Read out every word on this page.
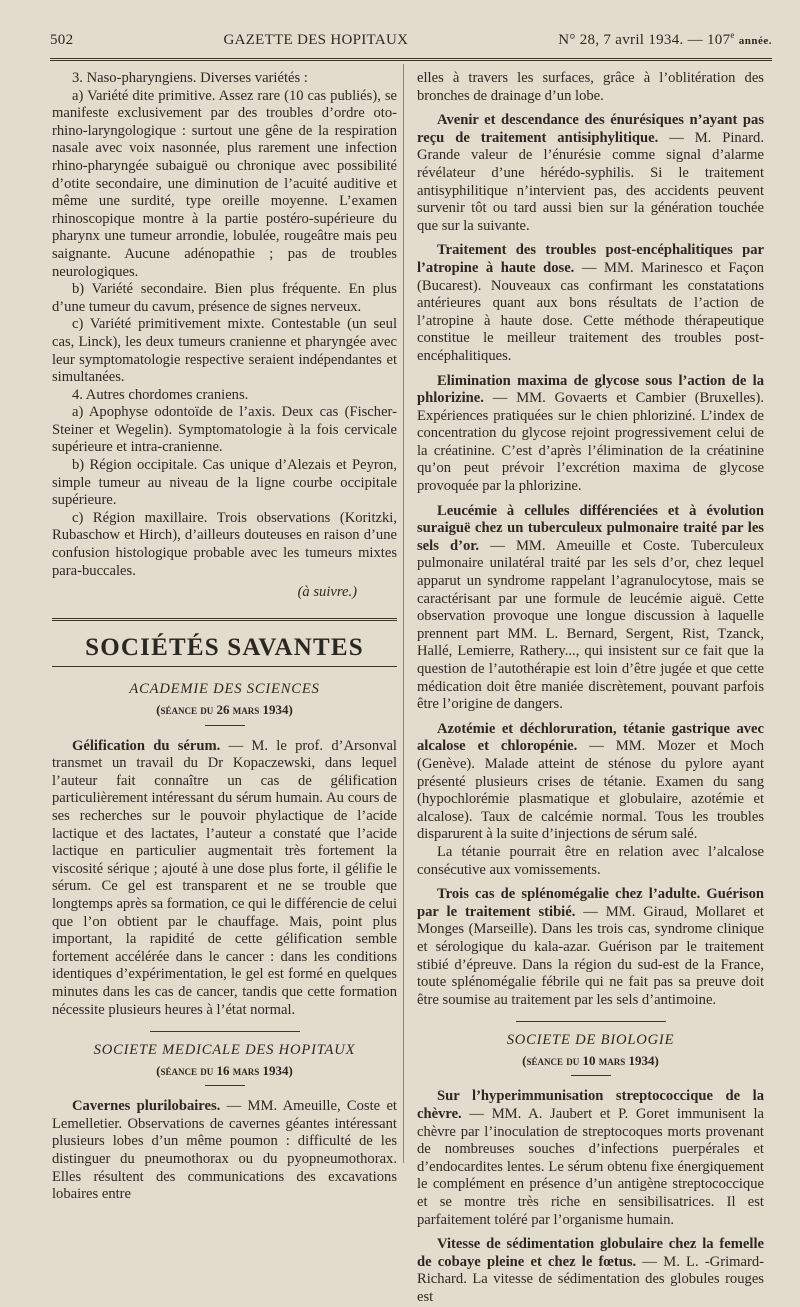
502	GAZETTE DES HOPITAUX	N° 28, 7 avril 1934. — 107e année.

3. Naso-pharyngiens. Diverses variétés :

a) Variété dite primitive. Assez rare (10 cas publiés), se manifeste exclusivement par des troubles d’ordre oto-rhino-laryngologique : surtout une gêne de la respiration nasale avec voix nasonnée, plus rarement une infection rhino-pharyngée subaiguë ou chronique avec possibilité d’otite secondaire, une diminution de l’acuité auditive et même une surdité, type oreille moyenne. L’examen rhinoscopique montre à la partie postéro-supérieure du pharynx une tumeur arrondie, lobulée, rougeâtre mais peu saignante. Aucune adénopathie ; pas de troubles neurologiques.

b) Variété secondaire. Bien plus fréquente. En plus d’une tumeur du cavum, présence de signes nerveux.

c) Variété primitivement mixte. Contestable (un seul cas, Linck), les deux tumeurs cranienne et pharyngée avec leur symptomatologie respective seraient indépendantes et simultanées.

4. Autres chordomes craniens.

a) Apophyse odontoïde de l’axis. Deux cas (Fischer-Steiner et Wegelin). Symptomatologie à la fois cervicale supérieure et intra-cranienne.

b) Région occipitale. Cas unique d’Alezais et Peyron, simple tumeur au niveau de la ligne courbe occipitale supérieure.

c) Région maxillaire. Trois observations (Koritzki, Rubaschow et Hirch), d’ailleurs douteuses en raison d’une confusion histologique probable avec les tumeurs mixtes para-buccales.

(à suivre.)
SOCIÉTÉS SAVANTES
ACADEMIE DES SCIENCES
(séance du 26 mars 1934)

Gélification du sérum. — M. le prof. d’Arsonval transmet un travail du Dr Kopaczewski, dans lequel l’auteur fait connaître un cas de gélification particulièrement intéressant du sérum humain. Au cours de ses recherches sur le pouvoir phylactique de l’acide lactique et des lactates, l’auteur a constaté que l’acide lactique en particulier augmentait très fortement la viscosité sérique ; ajouté à une dose plus forte, il gélifie le sérum. Ce gel est transparent et ne se trouble que longtemps après sa formation, ce qui le différencie de celui que l’on obtient par le chauffage. Mais, point plus important, la rapidité de cette gélification semble fortement accélérée dans le cancer : dans les conditions identiques d’expérimentation, le gel est formé en quelques minutes dans les cas de cancer, tandis que cette formation nécessite plusieurs heures à l’état normal.

SOCIETE MEDICALE DES HOPITAUX
(séance du 16 mars 1934)

Cavernes plurilobaires. — MM. Ameuille, Coste et Lemelletier. Observations de cavernes géantes intéressant plusieurs lobes d’un même poumon : difficulté de les distinguer du pneumothorax ou du pyopneumothorax. Elles résultent des communications des excavations lobaires entre

elles à travers les surfaces, grâce à l’oblitération des bronches de drainage d’un lobe.

Avenir et descendance des énurésiques n’ayant pas reçu de traitement antisiphylitique. — M. Pinard. Grande valeur de l’énurésie comme signal d’alarme révélateur d’une hérédo-syphilis. Si le traitement antisyphilitique n’intervient pas, des accidents peuvent survenir tôt ou tard aussi bien sur la génération touchée que sur la suivante.

Traitement des troubles post-encéphalitiques par l’atropine à haute dose. — MM. Marinesco et Façon (Bucarest). Nouveaux cas confirmant les constatations antérieures quant aux bons résultats de l’action de l’atropine à haute dose. Cette méthode thérapeutique constitue le meilleur traitement des troubles post-encéphalitiques.

Elimination maxima de glycose sous l’action de la phlorizine. — MM. Govaerts et Cambier (Bruxelles). Expériences pratiquées sur le chien phloriziné. L’index de concentration du glycose rejoint progressivement celui de la créatinine. C’est d’après l’élimination de la créatinine qu’on peut prévoir l’excrétion maxima de glycose provoquée par la phlorizine.

Leucémie à cellules différenciées et à évolution suraiguë chez un tuberculeux pulmonaire traité par les sels d’or. — MM. Ameuille et Coste. Tuberculeux pulmonaire unilatéral traité par les sels d’or, chez lequel apparut un syndrome rappelant l’agranulocytose, mais se caractérisant par une formule de leucémie aiguë. Cette observation provoque une longue discussion à laquelle prennent part MM. L. Bernard, Sergent, Rist, Tzanck, Hallé, Lemierre, Rathery..., qui insistent sur ce fait que la question de l’autothérapie est loin d’être jugée et que cette médication doit être maniée discrètement, pouvant parfois être l’origine de dangers.

Azotémie et déchloruration, tétanie gastrique avec alcalose et chloropénie. — MM. Mozer et Moch (Genève). Malade atteint de sténose du pylore ayant présenté plusieurs crises de tétanie. Examen du sang (hypochlorémie plasmatique et globulaire, azotémie et alcalose). Taux de calcémie normal. Tous les troubles disparurent à la suite d’injections de sérum salé.

La tétanie pourrait être en relation avec l’alcalose consécutive aux vomissements.

Trois cas de splénomégalie chez l’adulte. Guérison par le traitement stibié. — MM. Giraud, Mollaret et Monges (Marseille). Dans les trois cas, syndrome clinique et sérologique du kala-azar. Guérison par le traitement stibié d’épreuve. Dans la région du sud-est de la France, toute splénomégalie fébrile qui ne fait pas sa preuve doit être soumise au traitement par les sels d’antimoine.

SOCIETE DE BIOLOGIE
(séance du 10 mars 1934)

Sur l’hyperimmunisation streptococcique de la chèvre. — MM. A. Jaubert et P. Goret immunisent la chèvre par l’inoculation de streptocoques morts provenant de nombreuses souches d’infections puerpérales et d’endocardites lentes. Le sérum obtenu fixe énergiquement le complément en présence d’un antigène streptococcique et se montre très riche en sensibilisatrices. Il est parfaitement toléré par l’organisme humain.

Vitesse de sédimentation globulaire chez la femelle de cobaye pleine et chez le fœtus. — M. L. -Grimard-Richard. La vitesse de sédimentation des globules rouges est
